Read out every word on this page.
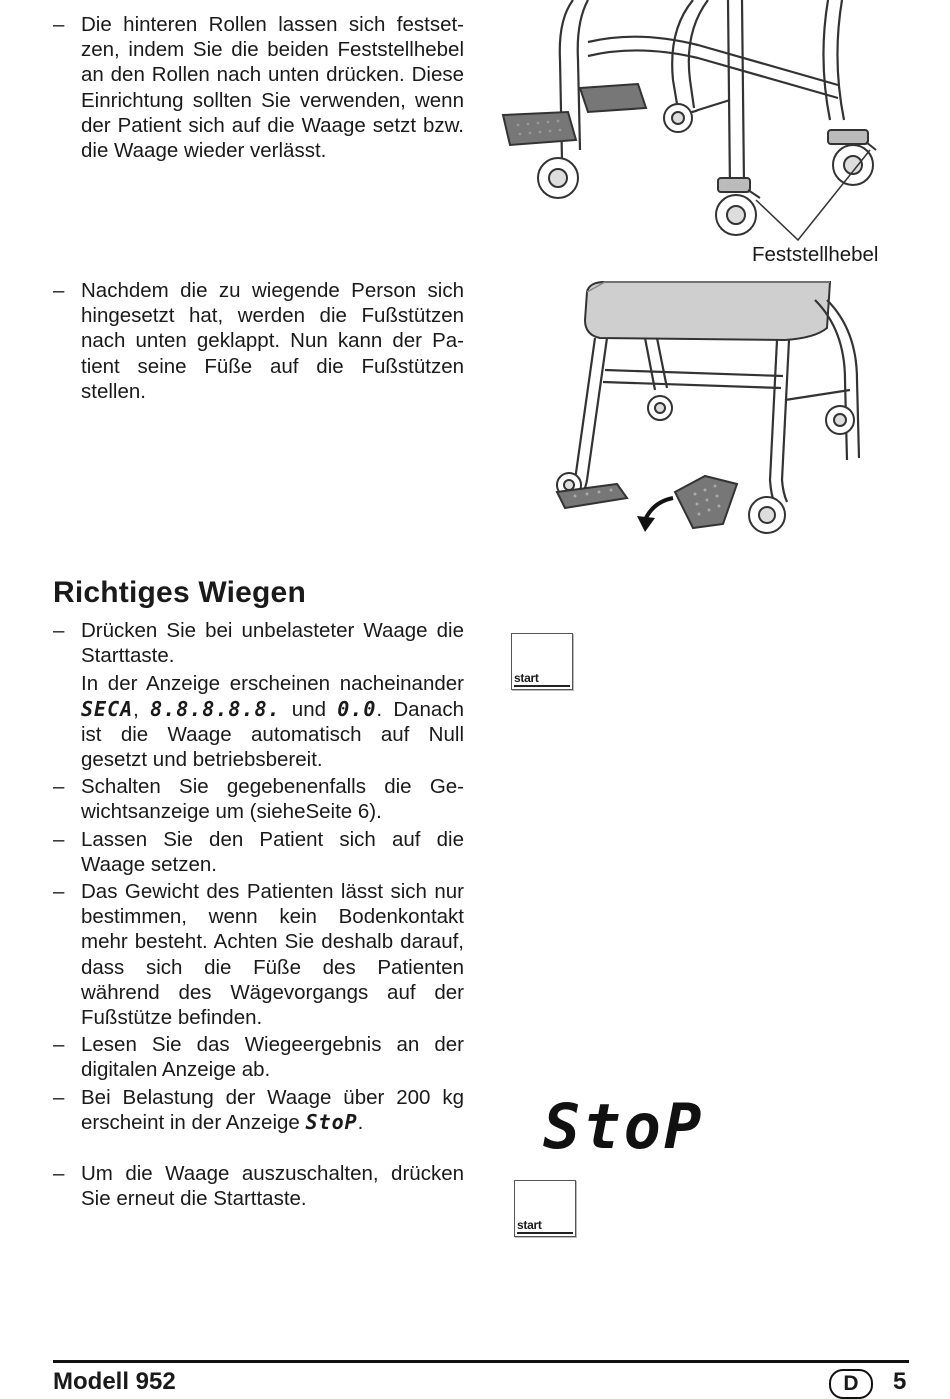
– Die hinteren Rollen lassen sich festsetzen, indem Sie die beiden Feststellhebel an den Rollen nach unten drücken. Diese Einrichtung sollten Sie verwenden, wenn der Patient sich auf die Waage setzt bzw. die Waage wieder verlässt.
Feststellhebel
– Nachdem die zu wiegende Person sich hingesetzt hat, werden die Fußstützen nach unten geklappt. Nun kann der Patient seine Füße auf die Fußstützen stellen.
Richtiges Wiegen
– Drücken Sie bei unbelasteter Waage die Starttaste.
In der Anzeige erscheinen nacheinander SECA, 8.8.8.8.8. und 0.0. Danach ist die Waage automatisch auf Null gesetzt und betriebsbereit.
– Schalten Sie gegebenenfalls die Gewichtsanzeige um (sieheSeite 6).
– Lassen Sie den Patient sich auf die Waage setzen.
– Das Gewicht des Patienten lässt sich nur bestimmen, wenn kein Bodenkontakt mehr besteht. Achten Sie deshalb darauf, dass sich die Füße des Patienten während des Wägevorgangs auf der Fußstütze befinden.
– Lesen Sie das Wiegeergebnis an der digitalen Anzeige ab.
– Bei Belastung der Waage über 200 kg erscheint in der Anzeige StoP.
– Um die Waage auszuschalten, drücken Sie erneut die Starttaste.
start
StoP
start
Modell 952	D	5
